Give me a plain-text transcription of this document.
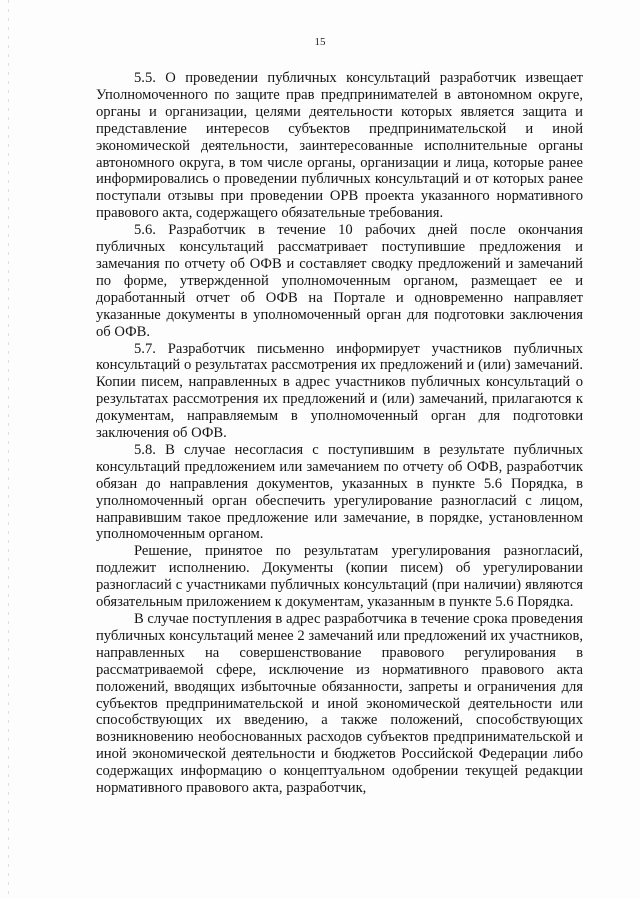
15

5.5. О проведении публичных консультаций разработчик извещает Уполномоченного по защите прав предпринимателей в автономном округе, органы и организации, целями деятельности которых является защита и представление интересов субъектов предпринимательской и иной экономической деятельности, заинтересованные исполнительные органы автономного округа, в том числе органы, организации и лица, которые ранее информировались о проведении публичных консультаций и от которых ранее поступали отзывы при проведении ОРВ проекта указанного нормативного правового акта, содержащего обязательные требования.

5.6. Разработчик в течение 10 рабочих дней после окончания публичных консультаций рассматривает поступившие предложения и замечания по отчету об ОФВ и составляет сводку предложений и замечаний по форме, утвержденной уполномоченным органом, размещает ее и доработанный отчет об ОФВ на Портале и одновременно направляет указанные документы в уполномоченный орган для подготовки заключения об ОФВ.

5.7. Разработчик письменно информирует участников публичных консультаций о результатах рассмотрения их предложений и (или) замечаний. Копии писем, направленных в адрес участников публичных консультаций о результатах рассмотрения их предложений и (или) замечаний, прилагаются к документам, направляемым в уполномоченный орган для подготовки заключения об ОФВ.

5.8. В случае несогласия с поступившим в результате публичных консультаций предложением или замечанием по отчету об ОФВ, разработчик обязан до направления документов, указанных в пункте 5.6 Порядка, в уполномоченный орган обеспечить урегулирование разногласий с лицом, направившим такое предложение или замечание, в порядке, установленном уполномоченным органом.

Решение, принятое по результатам урегулирования разногласий, подлежит исполнению. Документы (копии писем) об урегулировании разногласий с участниками публичных консультаций (при наличии) являются обязательным приложением к документам, указанным в пункте 5.6 Порядка.

В случае поступления в адрес разработчика в течение срока проведения публичных консультаций менее 2 замечаний или предложений их участников, направленных на совершенствование правового регулирования в рассматриваемой сфере, исключение из нормативного правового акта положений, вводящих избыточные обязанности, запреты и ограничения для субъектов предпринимательской и иной экономической деятельности или способствующих их введению, а также положений, способствующих возникновению необоснованных расходов субъектов предпринимательской и иной экономической деятельности и бюджетов Российской Федерации либо содержащих информацию о концептуальном одобрении текущей редакции нормативного правового акта, разработчик,
